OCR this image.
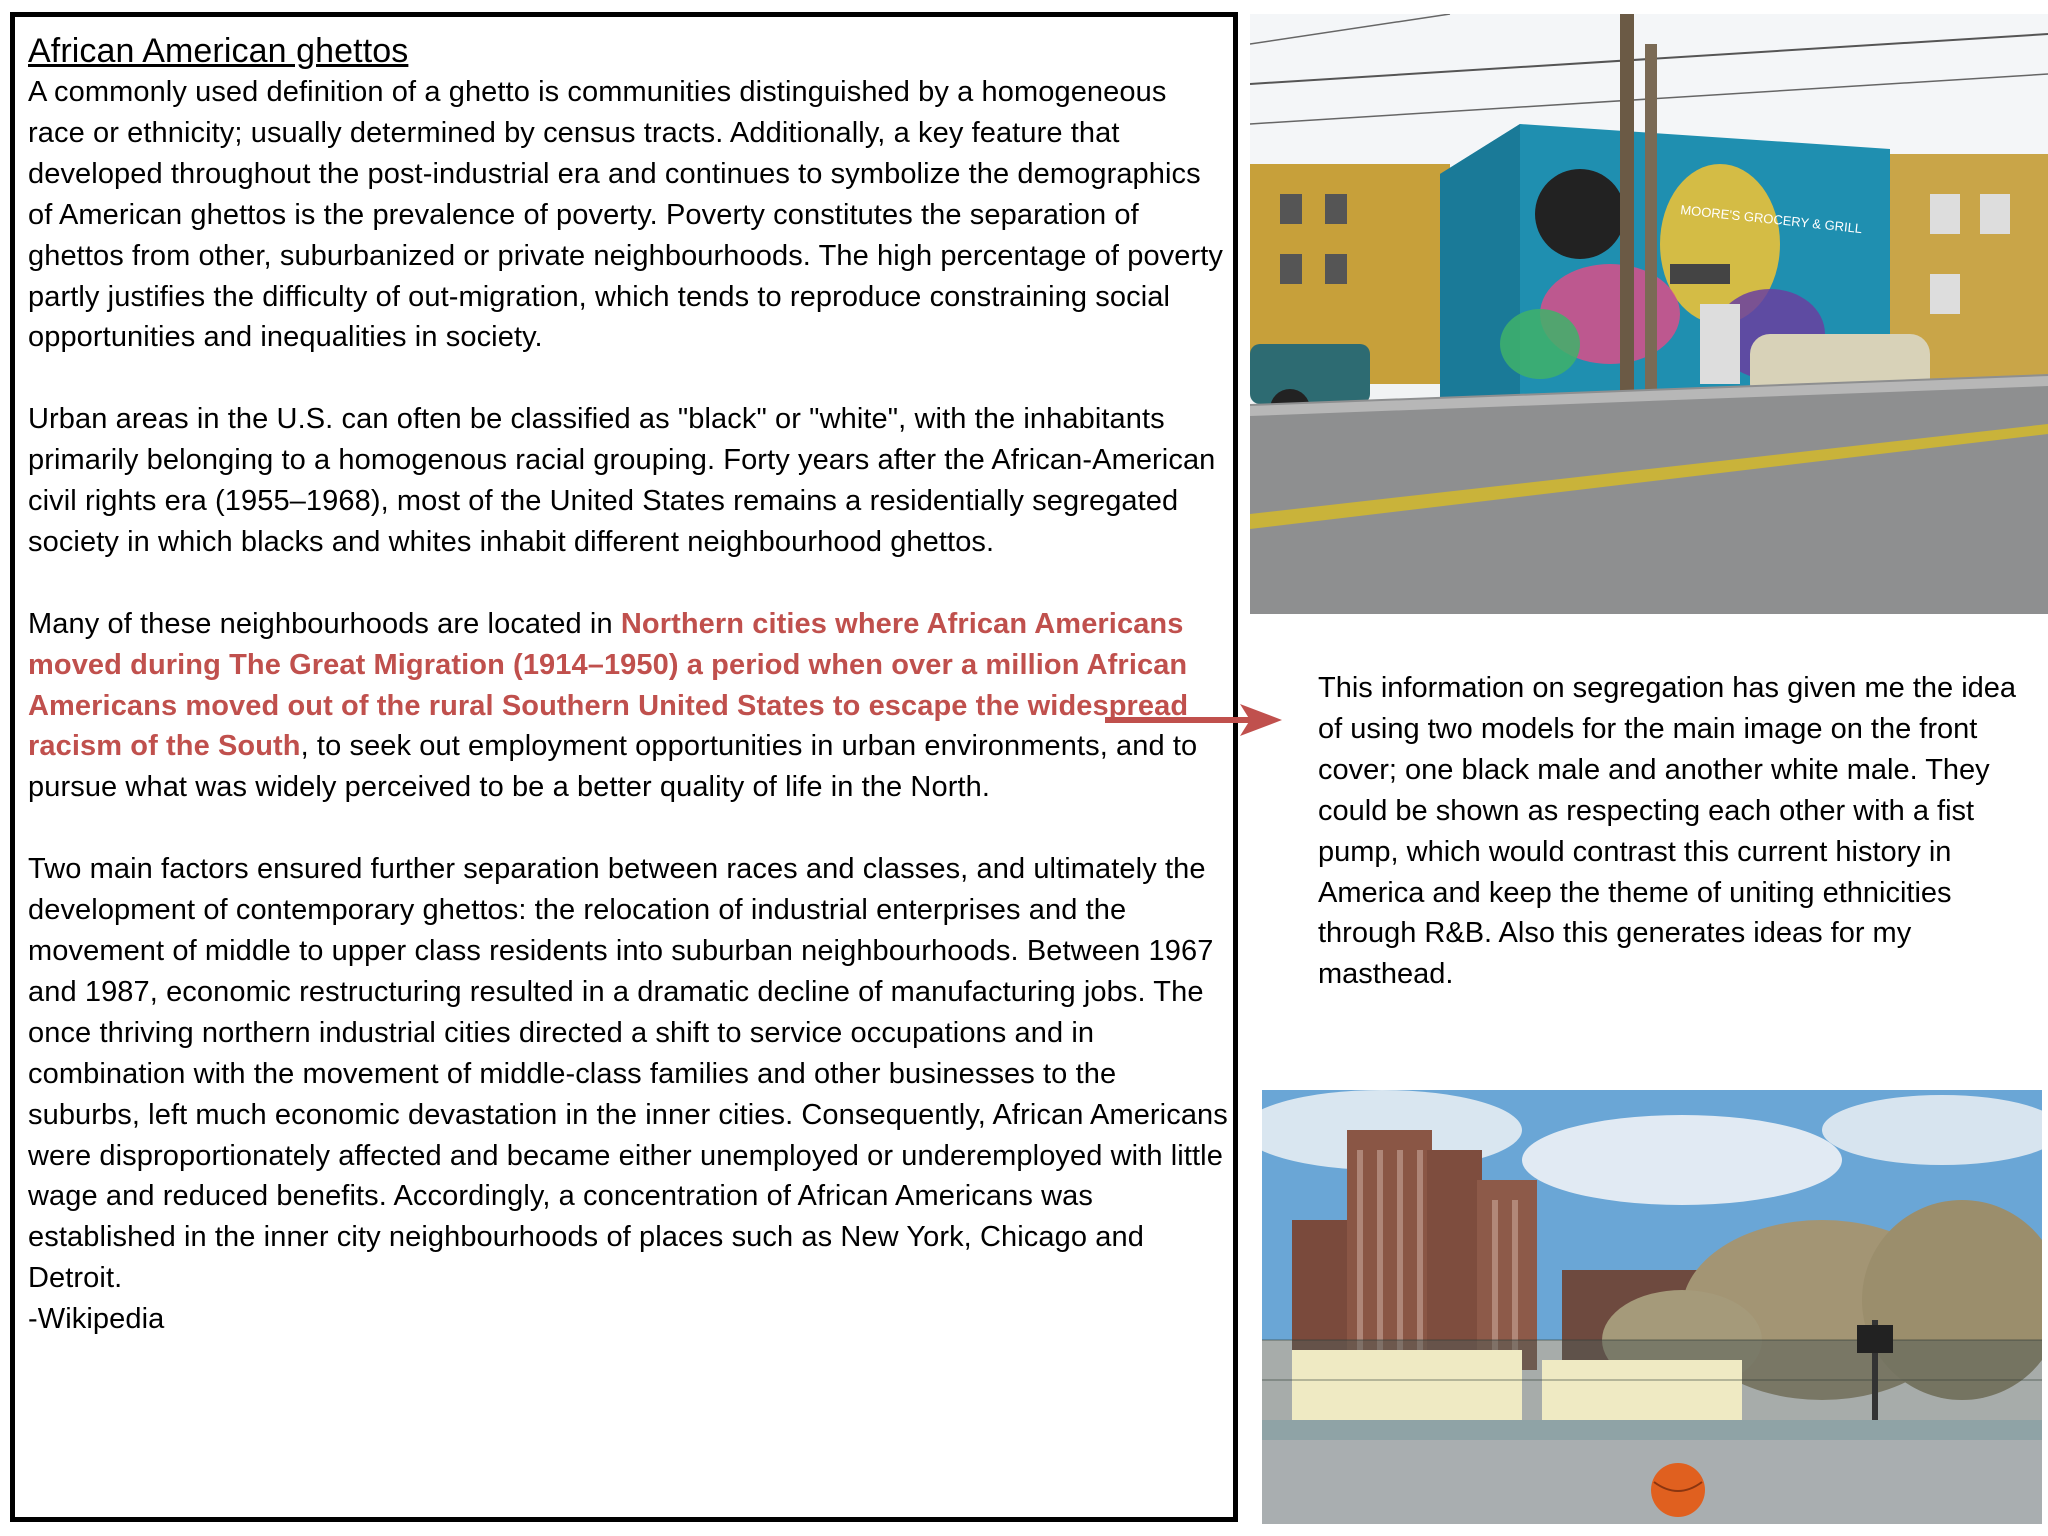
African American ghettos

A commonly used definition of a ghetto is communities distinguished by a homogeneous race or ethnicity; usually determined by census tracts. Additionally, a key feature that developed throughout the post-industrial era and continues to symbolize the demographics of American ghettos is the prevalence of poverty. Poverty constitutes the separation of ghettos from other, suburbanized or private neighbourhoods. The high percentage of poverty partly justifies the difficulty of out-migration, which tends to reproduce constraining social opportunities and inequalities in society.

Urban areas in the U.S. can often be classified as "black" or "white", with the inhabitants primarily belonging to a homogenous racial grouping. Forty years after the African-American civil rights era (1955–1968), most of the United States remains a residentially segregated society in which blacks and whites inhabit different neighbourhood ghettos.

Many of these neighbourhoods are located in Northern cities where African Americans moved during The Great Migration (1914–1950) a period when over a million African Americans moved out of the rural Southern United States to escape the widespread racism of the South, to seek out employment opportunities in urban environments, and to pursue what was widely perceived to be a better quality of life in the North.

Two main factors ensured further separation between races and classes, and ultimately the development of contemporary ghettos: the relocation of industrial enterprises and the movement of middle to upper class residents into suburban neighbourhoods. Between 1967 and 1987, economic restructuring resulted in a dramatic decline of manufacturing jobs. The once thriving northern industrial cities directed a shift to service occupations and in combination with the movement of middle-class families and other businesses to the suburbs, left much economic devastation in the inner cities. Consequently, African Americans were disproportionately affected and became either unemployed or underemployed with little wage and reduced benefits. Accordingly, a concentration of African Americans was established in the inner city neighbourhoods of places such as New York, Chicago and Detroit.

-Wikipedia

MOORE'S GROCERY & GRILL
This information on segregation has given me the idea of using two models for the main image on the front cover; one black male and another white male. They could be shown as respecting each other with a fist pump, which would contrast this current history in America and keep the theme of uniting ethnicities through R&B. Also this generates ideas for my masthead.
